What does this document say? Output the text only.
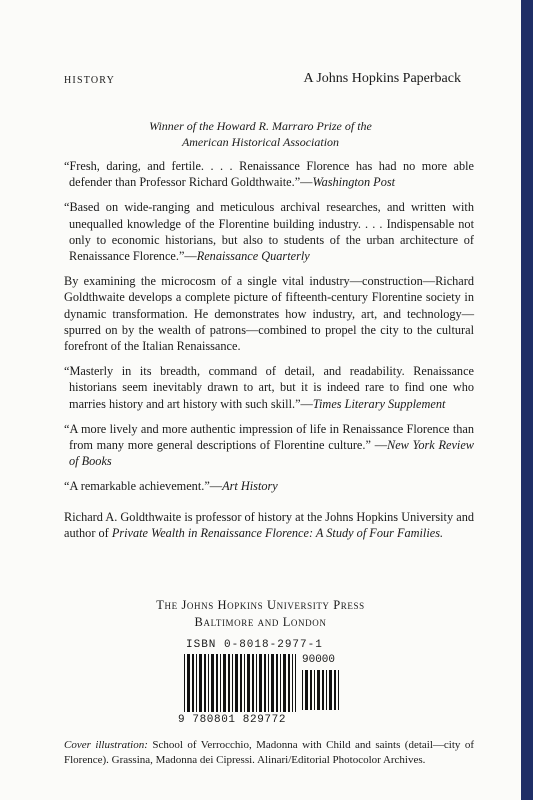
HISTORY	A Johns Hopkins Paperback
Winner of the Howard R. Marraro Prize of the
American Historical Association

“Fresh, daring, and fertile. . . . Renaissance Florence has had no more able defender than Professor Richard Goldthwaite.”—Washington Post

“Based on wide-ranging and meticulous archival researches, and written with unequalled knowledge of the Florentine building industry. . . . Indispensable not only to economic historians, but also to students of the urban architecture of Renaissance Florence.”—Renaissance Quarterly

By examining the microcosm of a single vital industry—construction—Richard Goldthwaite develops a complete picture of fifteenth-century Florentine society in dynamic transformation. He demonstrates how industry, art, and technology—spurred on by the wealth of patrons—combined to propel the city to the cultural forefront of the Italian Renaissance.

“Masterly in its breadth, command of detail, and readability. Renaissance historians seem inevitably drawn to art, but it is indeed rare to find one who marries history and art history with such skill.”—Times Literary Supplement

“A more lively and more authentic impression of life in Renaissance Florence than from many more general descriptions of Florentine culture.” —New York Review of Books

“A remarkable achievement.”—Art History

Richard A. Goldthwaite is professor of history at the Johns Hopkins University and author of Private Wealth in Renaissance Florence: A Study of Four Families.

The Johns Hopkins University Press
Baltimore and London
ISBN 0-8018-2977-1
90000
9 780801 829772
Cover illustration: School of Verrocchio, Madonna with Child and saints (detail—city of Florence). Grassina, Madonna dei Cipressi. Alinari/Editorial Photocolor Archives.
